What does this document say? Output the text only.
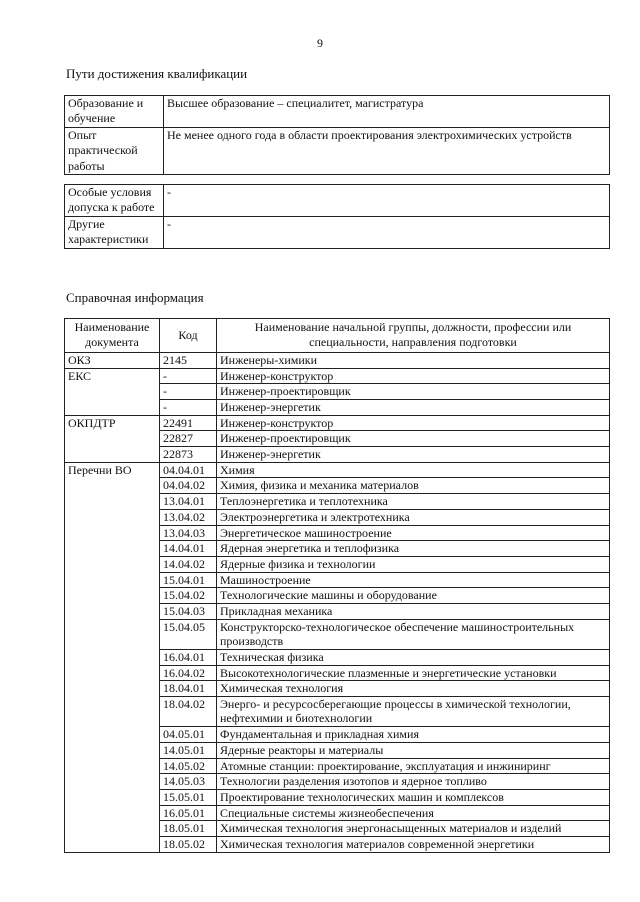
9
Пути достижения квалификации
Образование и обучение	Высшее образование – специалитет, магистратура
Опыт практической работы	Не менее одного года в области проектирования электрохимических устройств
Особые условия допуска к работе	-
Другие характеристики	-
Справочная информация
Наименование документа	Код	Наименование начальной группы, должности, профессии или специальности, направления подготовки
ОКЗ	2145	Инженеры-химики
ЕКС	-	Инженер-конструктор
	-	Инженер-проектировщик
	-	Инженер-энергетик
ОКПДТР	22491	Инженер-конструктор
	22827	Инженер-проектировщик
	22873	Инженер-энергетик
Перечни ВО	04.04.01	Химия
	04.04.02	Химия, физика и механика материалов
	13.04.01	Теплоэнергетика и теплотехника
	13.04.02	Электроэнергетика и электротехника
	13.04.03	Энергетическое машиностроение
	14.04.01	Ядерная энергетика и теплофизика
	14.04.02	Ядерные физика и технологии
	15.04.01	Машиностроение
	15.04.02	Технологические машины и оборудование
	15.04.03	Прикладная механика
	15.04.05	Конструкторско-технологическое обеспечение машиностроительных производств
	16.04.01	Техническая физика
	16.04.02	Высокотехнологические плазменные и энергетические установки
	18.04.01	Химическая технология
	18.04.02	Энерго- и ресурсосберегающие процессы в химической технологии, нефтехимии и биотехнологии
	04.05.01	Фундаментальная и прикладная химия
	14.05.01	Ядерные реакторы и материалы
	14.05.02	Атомные станции: проектирование, эксплуатация и инжиниринг
	14.05.03	Технологии разделения изотопов и ядерное топливо
	15.05.01	Проектирование технологических машин и комплексов
	16.05.01	Специальные системы жизнеобеспечения
	18.05.01	Химическая технология энергонасыщенных материалов и изделий
	18.05.02	Химическая технология материалов современной энергетики
